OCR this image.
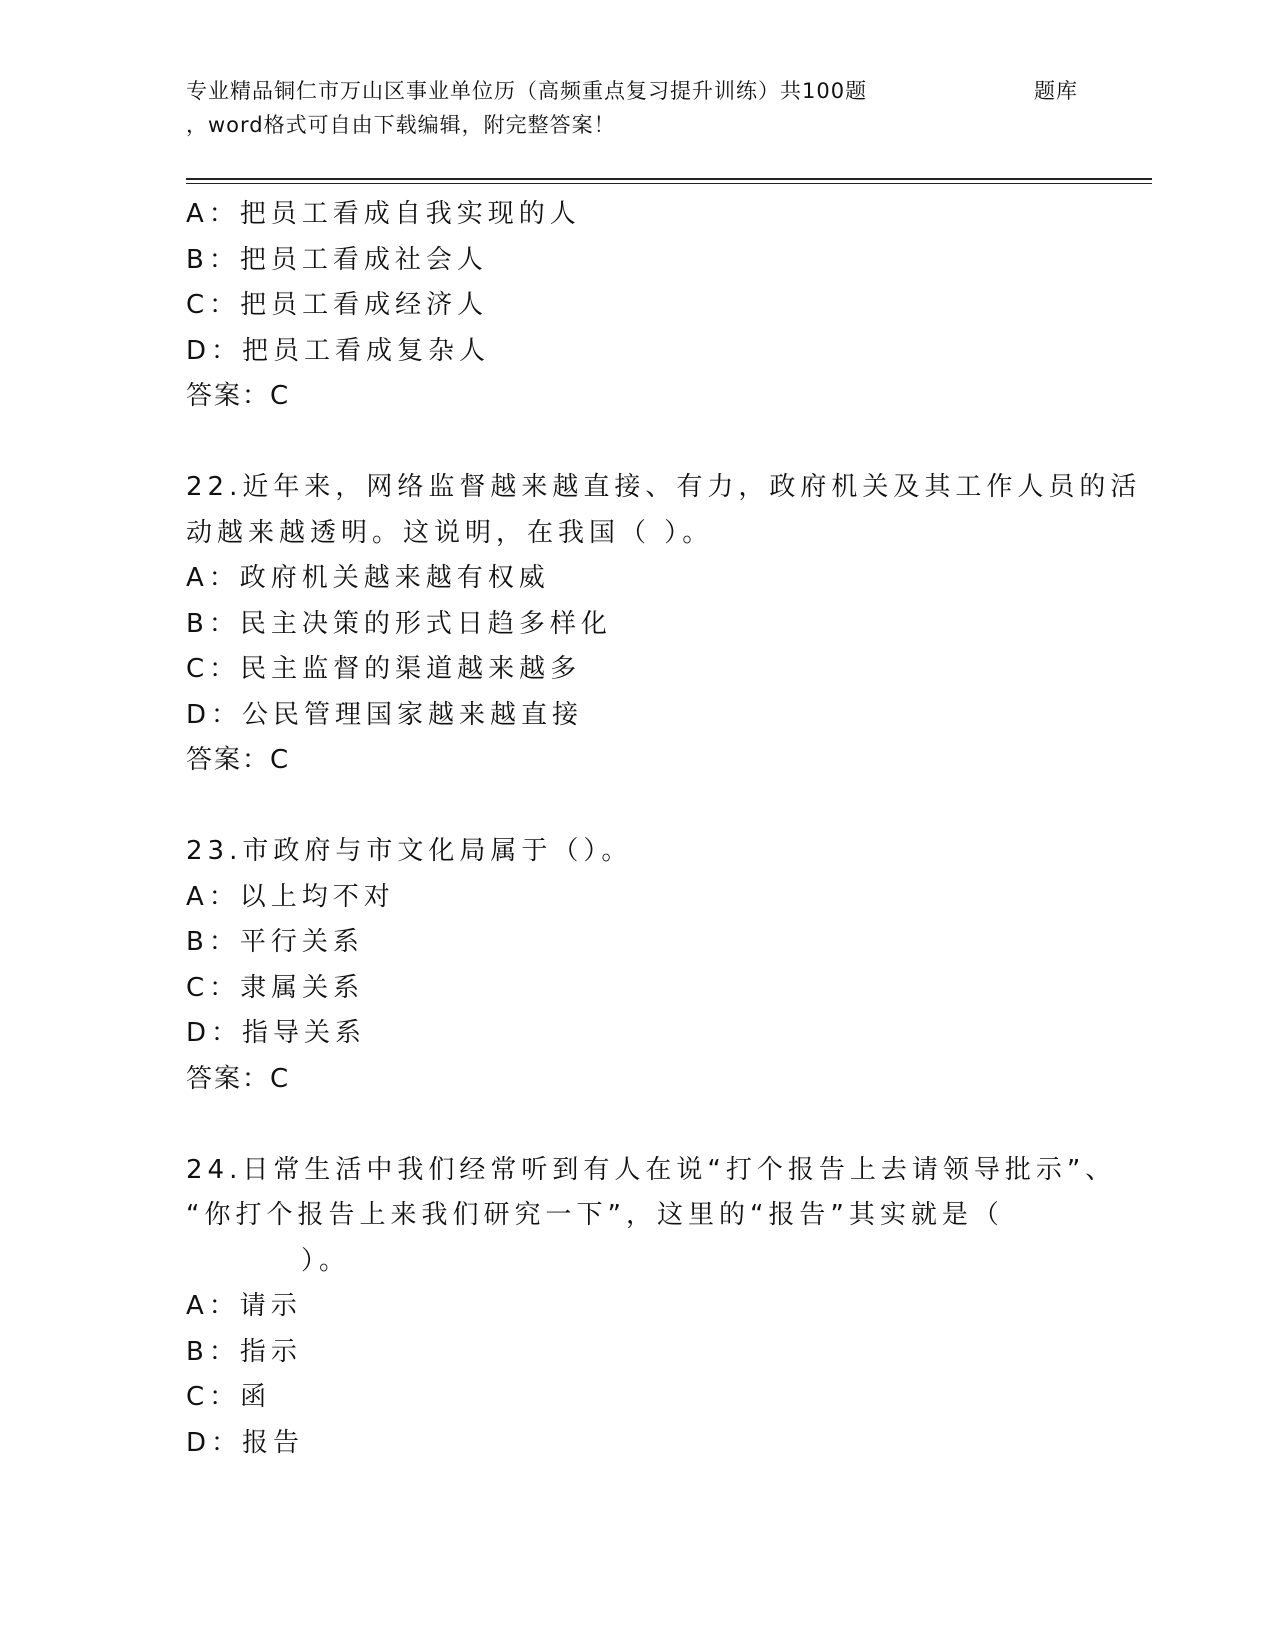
专业精品铜仁市万山区事业单位历（高频重点复习提升训练）共100题	题库
，word格式可自由下载编辑，附完整答案！
A：把员工看成自我实现的人
B：把员工看成社会人
C：把员工看成经济人
D：把员工看成复杂人
答案：C
22.近年来，网络监督越来越直接、有力，政府机关及其工作人员的活
动越来越透明。这说明，在我国（ ）。
A：政府机关越来越有权威
B：民主决策的形式日趋多样化
C：民主监督的渠道越来越多
D：公民管理国家越来越直接
答案：C
23.市政府与市文化局属于（）。
A：以上均不对
B：平行关系
C：隶属关系
D：指导关系
答案：C
24.日常生活中我们经常听到有人在说“打个报告上去请领导批示”、
“你打个报告上来我们研究一下”，这里的“报告”其实就是（
）。
A：请示
B：指示
C：函
D：报告
